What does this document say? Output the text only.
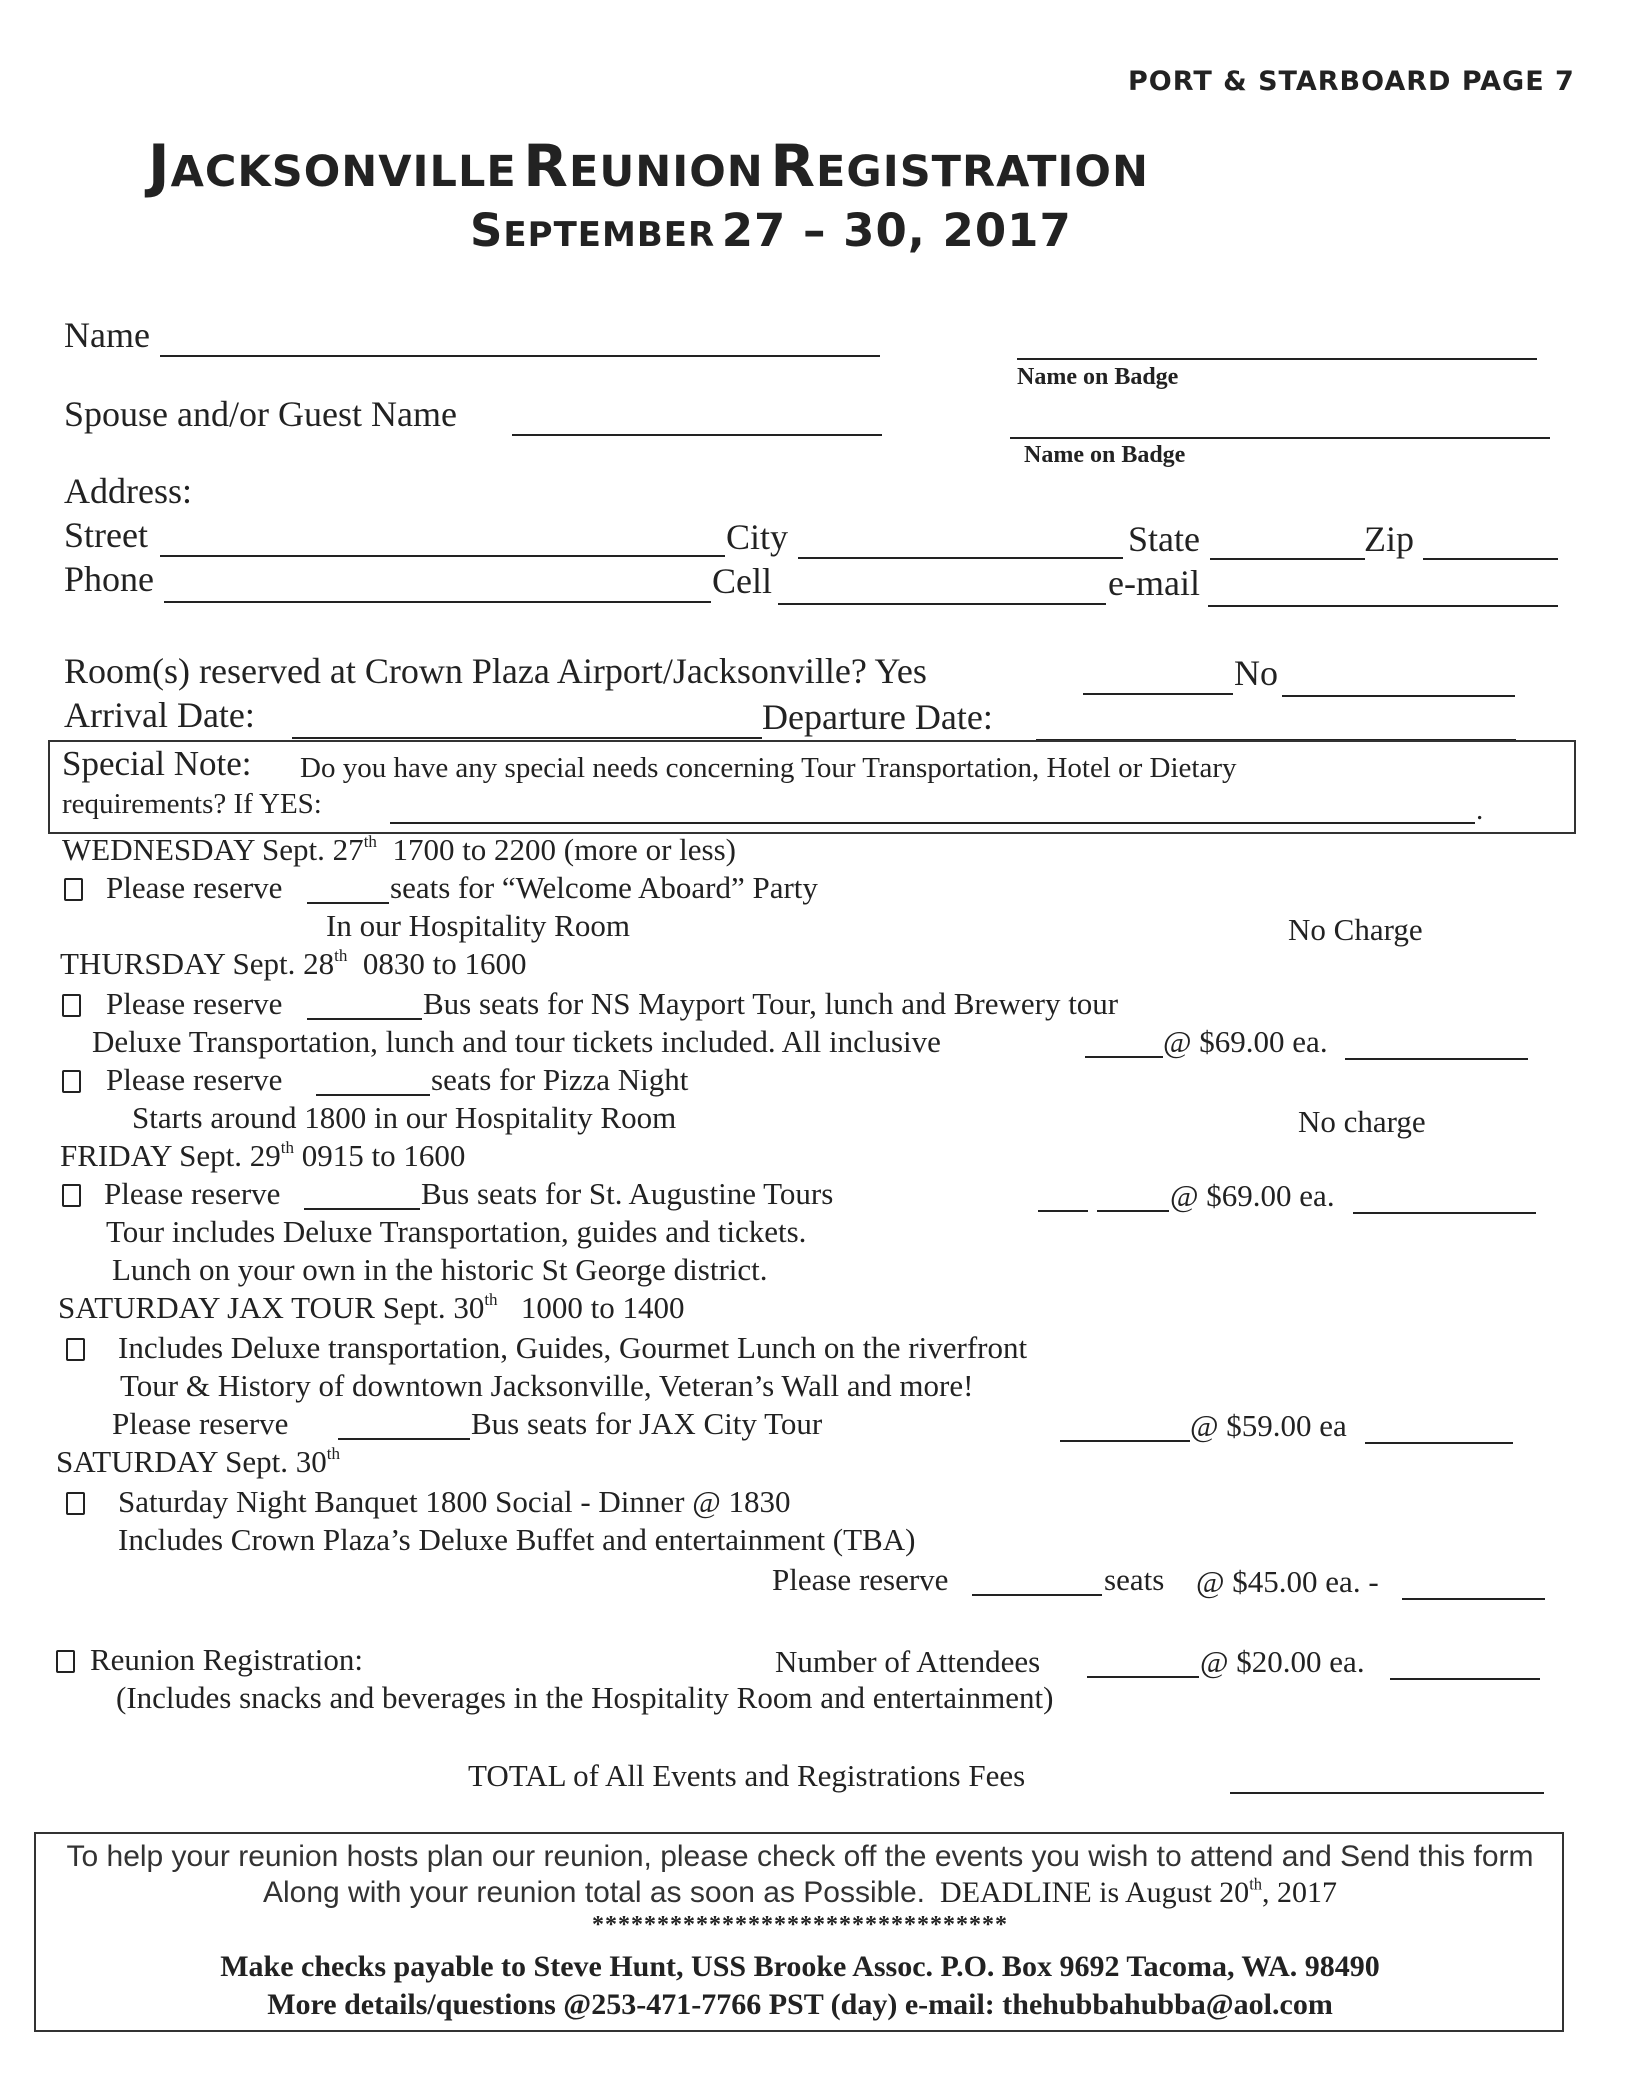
PORT & STARBOARD PAGE 7
JACKSONVILLE REUNION REGISTRATION
SEPTEMBER 27 – 30, 2017
Name
Name on Badge
Spouse and/or Guest Name
Name on Badge
Address:
Street	City	State	Zip
Phone	Cell	e-mail
Room(s) reserved at Crown Plaza Airport/Jacksonville? Yes	No
Arrival Date:	Departure Date:
Special Note: Do you have any special needs concerning Tour Transportation, Hotel or Dietary
requirements? If YES:	.
WEDNESDAY Sept. 27th 1700 to 2200 (more or less)
Please reserve	seats for “Welcome Aboard” Party
In our Hospitality Room	No Charge
THURSDAY Sept. 28th 0830 to 1600
Please reserve	Bus seats for NS Mayport Tour, lunch and Brewery tour
Deluxe Transportation, lunch and tour tickets included. All inclusive	@ $69.00 ea.
Please reserve	seats for Pizza Night
Starts around 1800 in our Hospitality Room	No charge
FRIDAY Sept. 29th 0915 to 1600
Please reserve	Bus seats for St. Augustine Tours	@ $69.00 ea.
Tour includes Deluxe Transportation, guides and tickets.
Lunch on your own in the historic St George district.
SATURDAY JAX TOUR Sept. 30th 1000 to 1400
Includes Deluxe transportation, Guides, Gourmet Lunch on the riverfront
Tour & History of downtown Jacksonville, Veteran’s Wall and more!
Please reserve	Bus seats for JAX City Tour	@ $59.00 ea
SATURDAY Sept. 30th
Saturday Night Banquet 1800 Social - Dinner @ 1830
Includes Crown Plaza’s Deluxe Buffet and entertainment (TBA)
Please reserve	seats @ $45.00 ea. -
Reunion Registration:	Number of Attendees	@ $20.00 ea.
(Includes snacks and beverages in the Hospitality Room and entertainment)
TOTAL of All Events and Registrations Fees
To help your reunion hosts plan our reunion, please check off the events you wish to attend and Send this form
Along with your reunion total as soon as Possible. DEADLINE is August 20th, 2017
********************************
Make checks payable to Steve Hunt, USS Brooke Assoc. P.O. Box 9692 Tacoma, WA. 98490
More details/questions @253-471-7766 PST (day) e-mail: thehubbahubba@aol.com
